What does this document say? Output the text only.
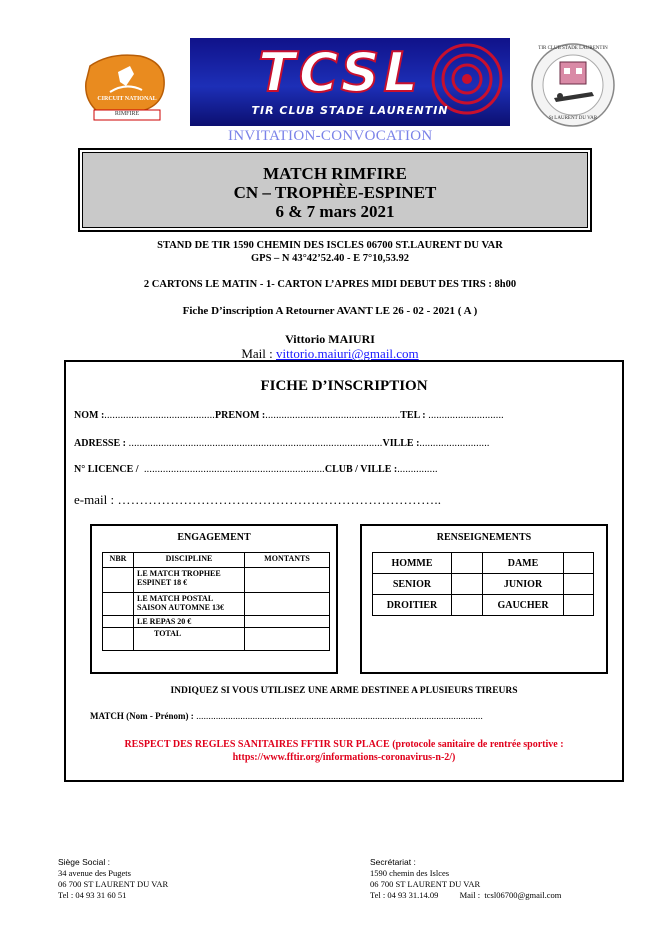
CIRCUIT NATIONAL
RIMFIRE
TCSL
TIR CLUB STADE LAURENTIN
TIR CLUB STADE LAURENTIN
St LAURENT DU VAR
INVITATION-CONVOCATION
MATCH RIMFIRE
CN – TROPHÈE-ESPINET
6 & 7 mars 2021
STAND DE TIR 1590 CHEMIN DES ISCLES 06700 ST.LAURENT DU VAR
GPS – N 43°42’52.40 - E 7°10,53.92
2 CARTONS LE MATIN - 1- CARTON L’APRES MIDI DEBUT DES TIRS : 8h00
Fiche D’inscription A Retourner AVANT LE 26 - 02 - 2021 ( A )
Vittorio MAIURI
Mail : vittorio.maiuri@gmail.com
FICHE D’INSCRIPTION
NOM :.........................................PRENOM :..................................................TEL : ............................
ADRESSE : ..............................................................................................VILLE :..........................
N° LICENCE /  ...................................................................CLUB / VILLE :...............
e-mail : ………………………………………………………………..
ENGAGEMENT
NBR	DISCIPLINE	MONTANTS
	LE MATCH TROPHEE ESPINET 18 €	
	LE MATCH POSTAL SAISON AUTOMNE 13€	
	LE REPAS 20 €	
	TOTAL	
RENSEIGNEMENTS
HOMME		DAME	
SENIOR		JUNIOR	
DROITIER		GAUCHER	
INDIQUEZ SI VOUS UTILISEZ UNE ARME DESTINEE A PLUSIEURS TIREURS
MATCH (Nom - Prénom) : .....................................................................................................................
RESPECT DES REGLES SANITAIRES FFTIR SUR PLACE (protocole sanitaire de rentrée sportive : https://www.fftir.org/informations-coronavirus-n-2/)
Siège Social :
34 avenue des Pugets
06 700 ST LAURENT DU VAR
Tel : 04 93 31 60 51
Secrétariat :
1590 chemin des Islces
06 700 ST LAURENT DU VAR
Tel : 04 93 31.14.09          Mail :  tcsl06700@gmail.com
